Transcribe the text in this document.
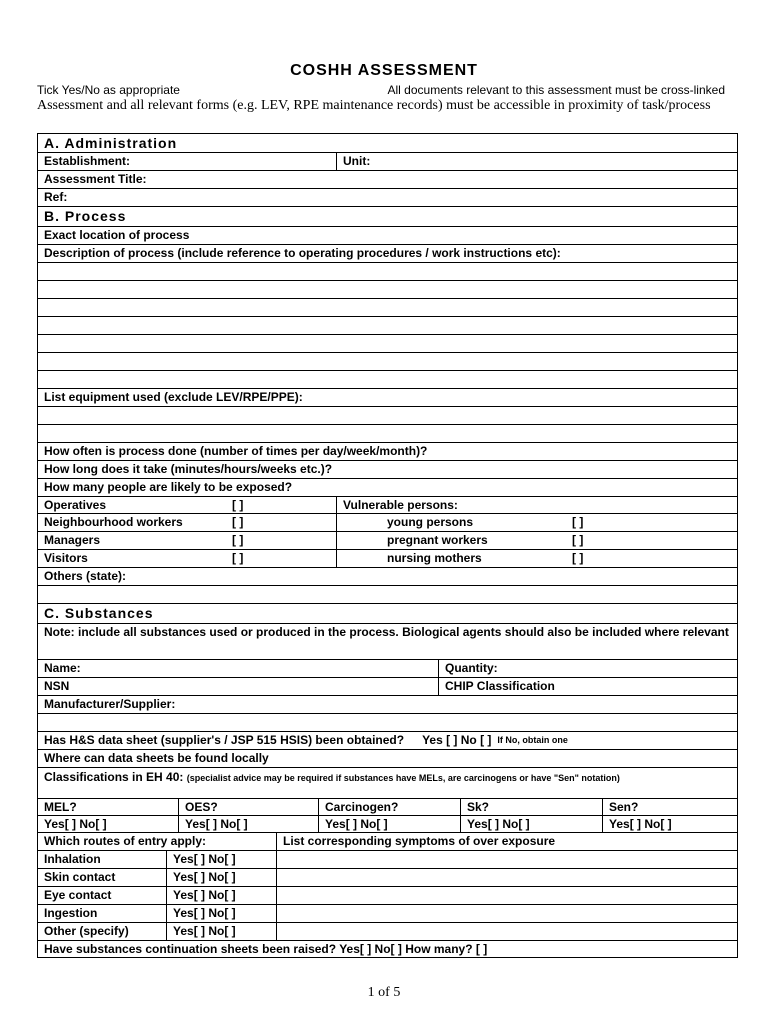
COSHH ASSESSMENT
Tick Yes/No as appropriate	All documents relevant to this assessment must be cross-linked
Assessment and all relevant forms (e.g. LEV, RPE maintenance records) must be accessible in proximity of task/process
A. Administration
Establishment:	Unit:
Assessment Title:
Ref:
B. Process
Exact location of process
Description of process (include reference to operating procedures / work instructions etc):
List equipment used (exclude LEV/RPE/PPE):
How often is process done (number of times per day/week/month)?
How long does it take (minutes/hours/weeks etc.)?
How many people are likely to be exposed?
Operatives	[ ]	Vulnerable persons:
Neighbourhood workers	[ ]	young persons	[ ]
Managers	[ ]	pregnant workers	[ ]
Visitors	[ ]	nursing mothers	[ ]
Others (state):
C. Substances
Note: include all substances used or produced in the process. Biological agents should also be included where relevant
Name:	Quantity:
NSN	CHIP Classification
Manufacturer/Supplier:
Has H&S data sheet (supplier's / JSP 515 HSIS) been obtained? Yes [ ] No [ ] If No, obtain one
Where can data sheets be found locally
Classifications in EH 40: (specialist advice may be required if substances have MELs, are carcinogens or have "Sen" notation)
MEL?	OES?	Carcinogen?	Sk?	Sen?
Yes[ ] No[ ]	Yes[ ] No[ ]	Yes[ ] No[ ]	Yes[ ] No[ ]	Yes[ ] No[ ]
Which routes of entry apply:	List corresponding symptoms of over exposure
Inhalation	Yes[ ] No[ ]
Skin contact	Yes[ ] No[ ]
Eye contact	Yes[ ] No[ ]
Ingestion	Yes[ ] No[ ]
Other (specify)	Yes[ ] No[ ]
Have substances continuation sheets been raised? Yes[ ] No[ ] How many? [ ]
1 of 5
